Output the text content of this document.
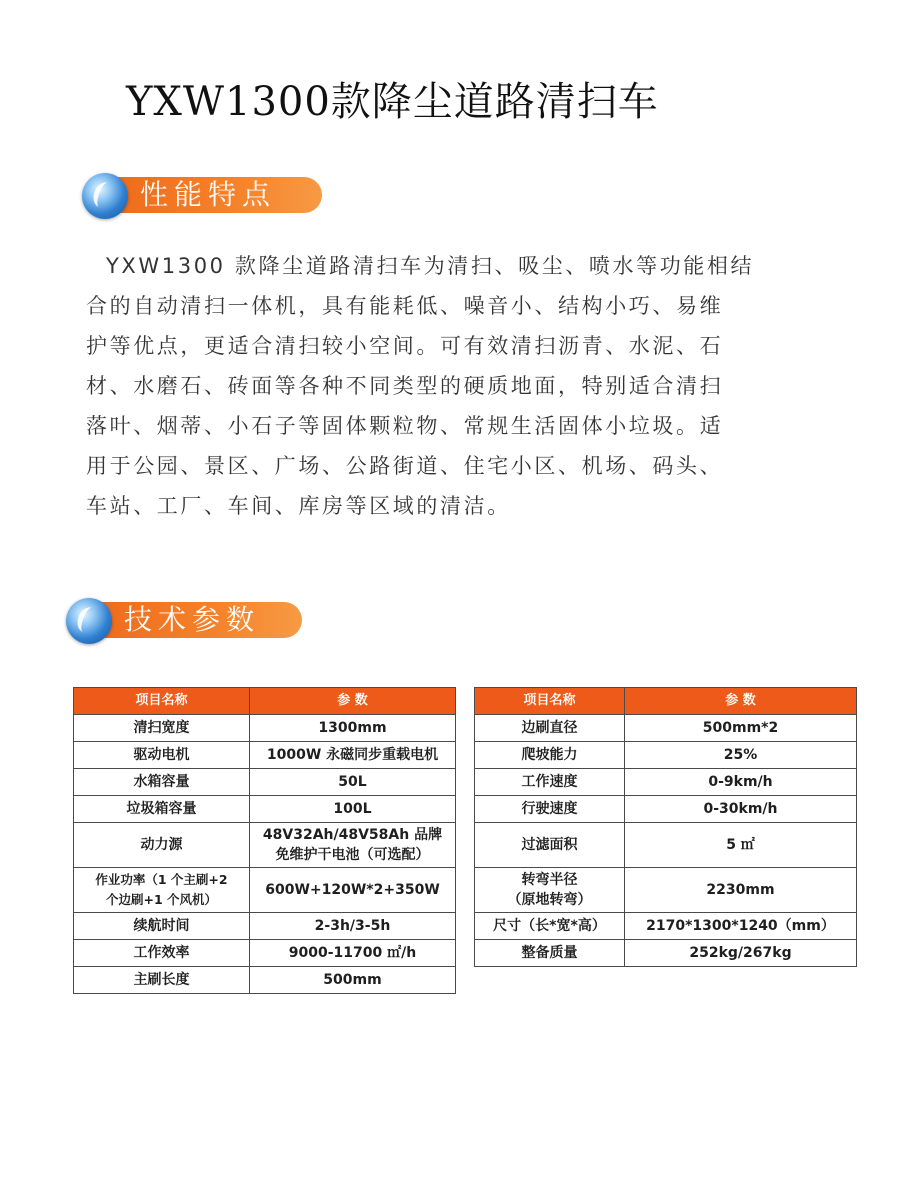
YXW1300款降尘道路清扫车
性能特点

YXW1300 款降尘道路清扫车为清扫、吸尘、喷水等功能相结
合的自动清扫一体机，具有能耗低、噪音小、结构小巧、易维
护等优点，更适合清扫较小空间。可有效清扫沥青、水泥、石
材、水磨石、砖面等各种不同类型的硬质地面，特别适合清扫
落叶、烟蒂、小石子等固体颗粒物、常规生活固体小垃圾。适
用于公园、景区、广场、公路街道、住宅小区、机场、码头、
车站、工厂、车间、库房等区域的清洁。

技术参数
项目名称	参 数
清扫宽度	1300mm
驱动电机	1000W 永磁同步重载电机
水箱容量	50L
垃圾箱容量	100L
动力源	48V32Ah/48V58Ah 品牌
免维护干电池（可选配）

作业功率（1 个主刷+2
个边刷+1 个风机）	600W+120W*2+350W
续航时间	2-3h/3-5h
工作效率	9000-11700 ㎡/h
主刷长度	500mm
项目名称	参 数
边刷直径	500mm*2
爬坡能力	25%
工作速度	0-9km/h
行驶速度	0-30km/h
过滤面积	5 ㎡

转弯半径
（原地转弯）	2230mm
尺寸（长*宽*高）	2170*1300*1240（mm）
整备质量	252kg/267kg
